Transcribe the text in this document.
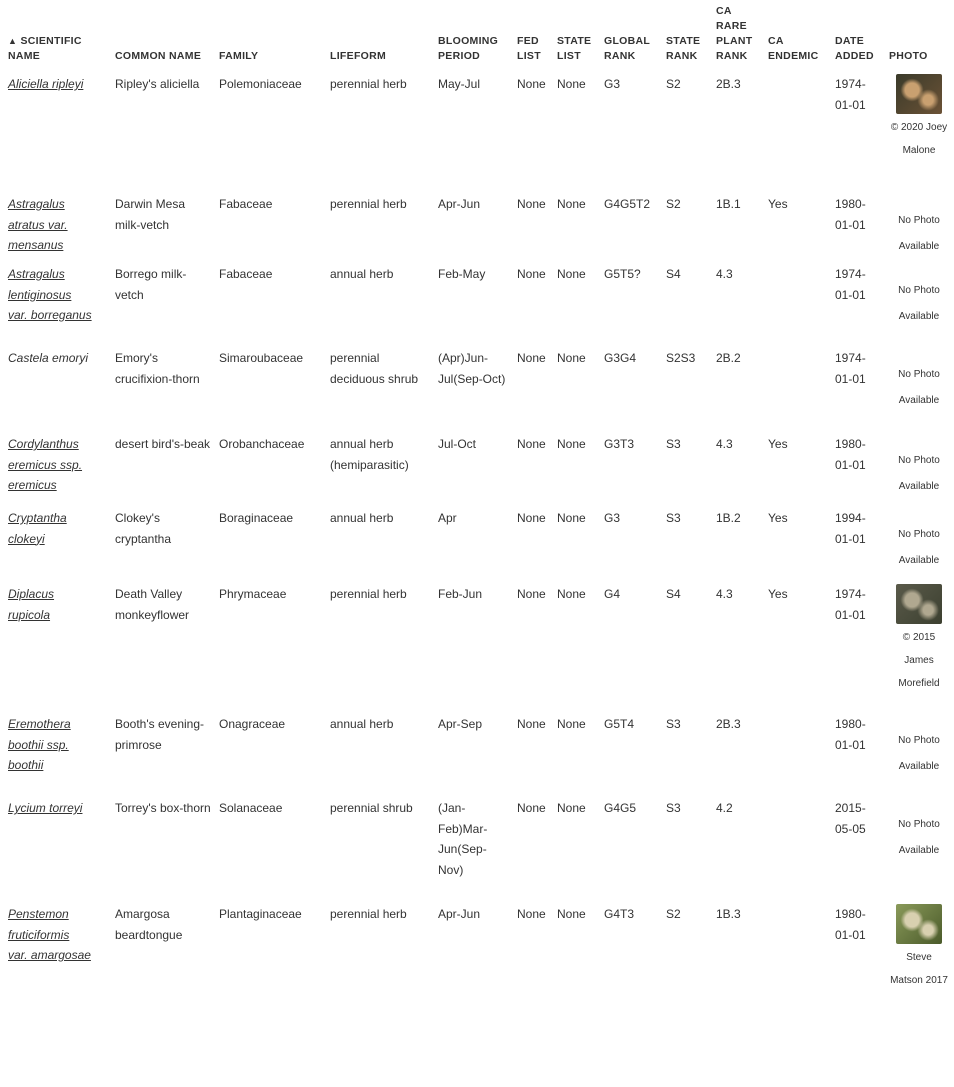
▲ SCIENTIFIC NAME	COMMON NAME	FAMILY	LIFEFORM	BLOOMING PERIOD	FED LIST	STATE LIST	GLOBAL RANK	STATE RANK	CA RARE PLANT RANK	CA ENDEMIC	DATE ADDED	PHOTO
Aliciella ripleyi	Ripley's aliciella	Polemoniaceae	perennial herb	May-Jul	None	None	G3	S2	2B.3		1974-01-01	© 2020 Joey Malone

Astragalus
atratus var.
mensanus	Darwin Mesa milk-vetch	Fabaceae	perennial herb	Apr-Jun	None	None	G4G5T2	S2	1B.1	Yes	1980-01-01	No Photo Available

Astragalus
lentiginosus
var. borreganus	Borrego milk-vetch	Fabaceae	annual herb	Feb-May	None	None	G5T5?	S4	4.3		1974-01-01	No Photo Available

Castela emoryi	Emory's crucifixion-thorn	Simaroubaceae	perennial deciduous shrub	(Apr)Jun-Jul(Sep-Oct)	None	None	G3G4	S2S3	2B.2		1974-01-01	No Photo Available

Cordylanthus
eremicus ssp.
eremicus	desert bird's-beak	Orobanchaceae	annual herb (hemiparasitic)	Jul-Oct	None	None	G3T3	S3	4.3	Yes	1980-01-01	No Photo Available

Cryptantha
clokeyi	Clokey's cryptantha	Boraginaceae	annual herb	Apr	None	None	G3	S3	1B.2	Yes	1994-01-01	No Photo Available

Diplacus
rupicola	Death Valley monkeyflower	Phrymaceae	perennial herb	Feb-Jun	None	None	G4	S4	4.3	Yes	1974-01-01	© 2015 James Morefield

Eremothera
boothii ssp.
boothii	Booth's evening-primrose	Onagraceae	annual herb	Apr-Sep	None	None	G5T4	S3	2B.3		1980-01-01	No Photo Available

Lycium torreyi	Torrey's box-thorn	Solanaceae	perennial shrub	(Jan-Feb)Mar-Jun(Sep-Nov)	None	None	G4G5	S3	4.2		2015-05-05	No Photo Available

Penstemon
fruticiformis
var. amargosae	Amargosa beardtongue	Plantaginaceae	perennial herb	Apr-Jun	None	None	G4T3	S2	1B.3		1980-01-01	Steve Matson 2017
